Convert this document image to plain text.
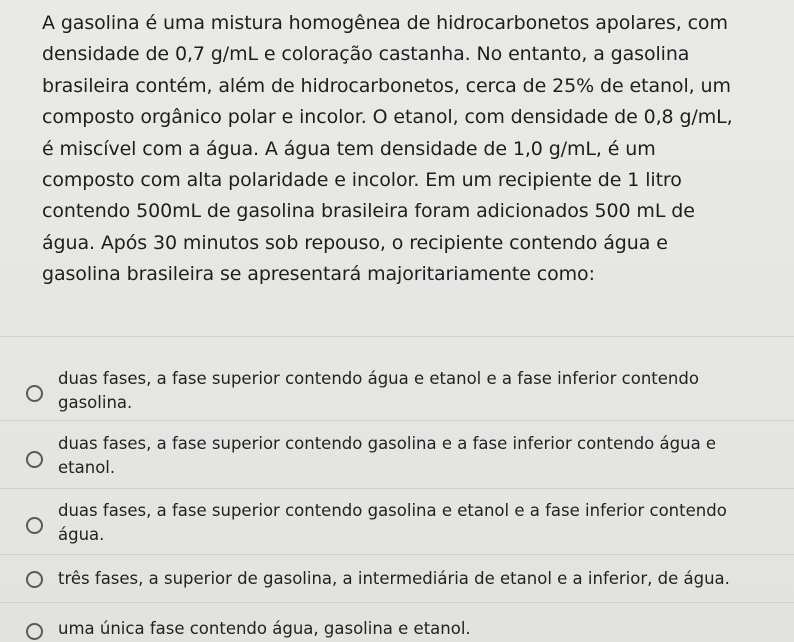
A gasolina é uma mistura homogênea de hidrocarbonetos apolares, com
densidade de 0,7 g/mL e coloração castanha. No entanto, a gasolina
brasileira contém, além de hidrocarbonetos, cerca de 25% de etanol, um
composto orgânico polar e incolor. O etanol, com densidade de 0,8 g/mL,
é miscível com a água. A água tem densidade de 1,0 g/mL, é um
composto com alta polaridade e incolor. Em um recipiente de 1 litro
contendo 500mL de gasolina brasileira foram adicionados 500 mL de
água. Após 30 minutos sob repouso, o recipiente contendo água e
gasolina brasileira se apresentará majoritariamente como:
duas fases, a fase superior contendo água e etanol e a fase inferior contendo
gasolina.
duas fases, a fase superior contendo gasolina e a fase inferior contendo água e
etanol.
duas fases, a fase superior contendo gasolina e etanol e a fase inferior contendo
água.
três fases, a superior de gasolina, a intermediária de etanol e a inferior, de água.
uma única fase contendo água, gasolina e etanol.
